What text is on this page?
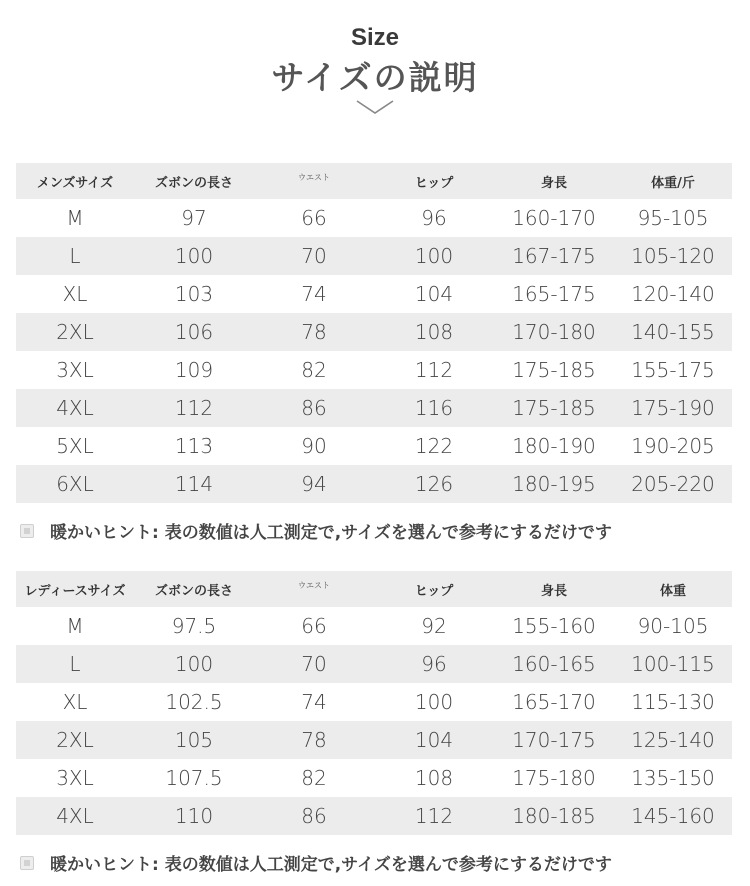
Size
サイズの説明
メンズサイズ	ズボンの長さ	ウエスト	ヒップ	身長	体重/斤
M	97	66	96	160-170	95-105
L	100	70	100	167-175	105-120
XL	103	74	104	165-175	120-140
2XL	106	78	108	170-180	140-155
3XL	109	82	112	175-185	155-175
4XL	112	86	116	175-185	175-190
5XL	113	90	122	180-190	190-205
6XL	114	94	126	180-195	205-220
暖かいヒント: 表の数値は人工測定で,サイズを選んで参考にするだけです
レディースサイズ	ズボンの長さ	ウエスト	ヒップ	身長	体重
M	97.5	66	92	155-160	90-105
L	100	70	96	160-165	100-115
XL	102.5	74	100	165-170	115-130
2XL	105	78	104	170-175	125-140
3XL	107.5	82	108	175-180	135-150
4XL	110	86	112	180-185	145-160
暖かいヒント: 表の数値は人工測定で,サイズを選んで参考にするだけです
